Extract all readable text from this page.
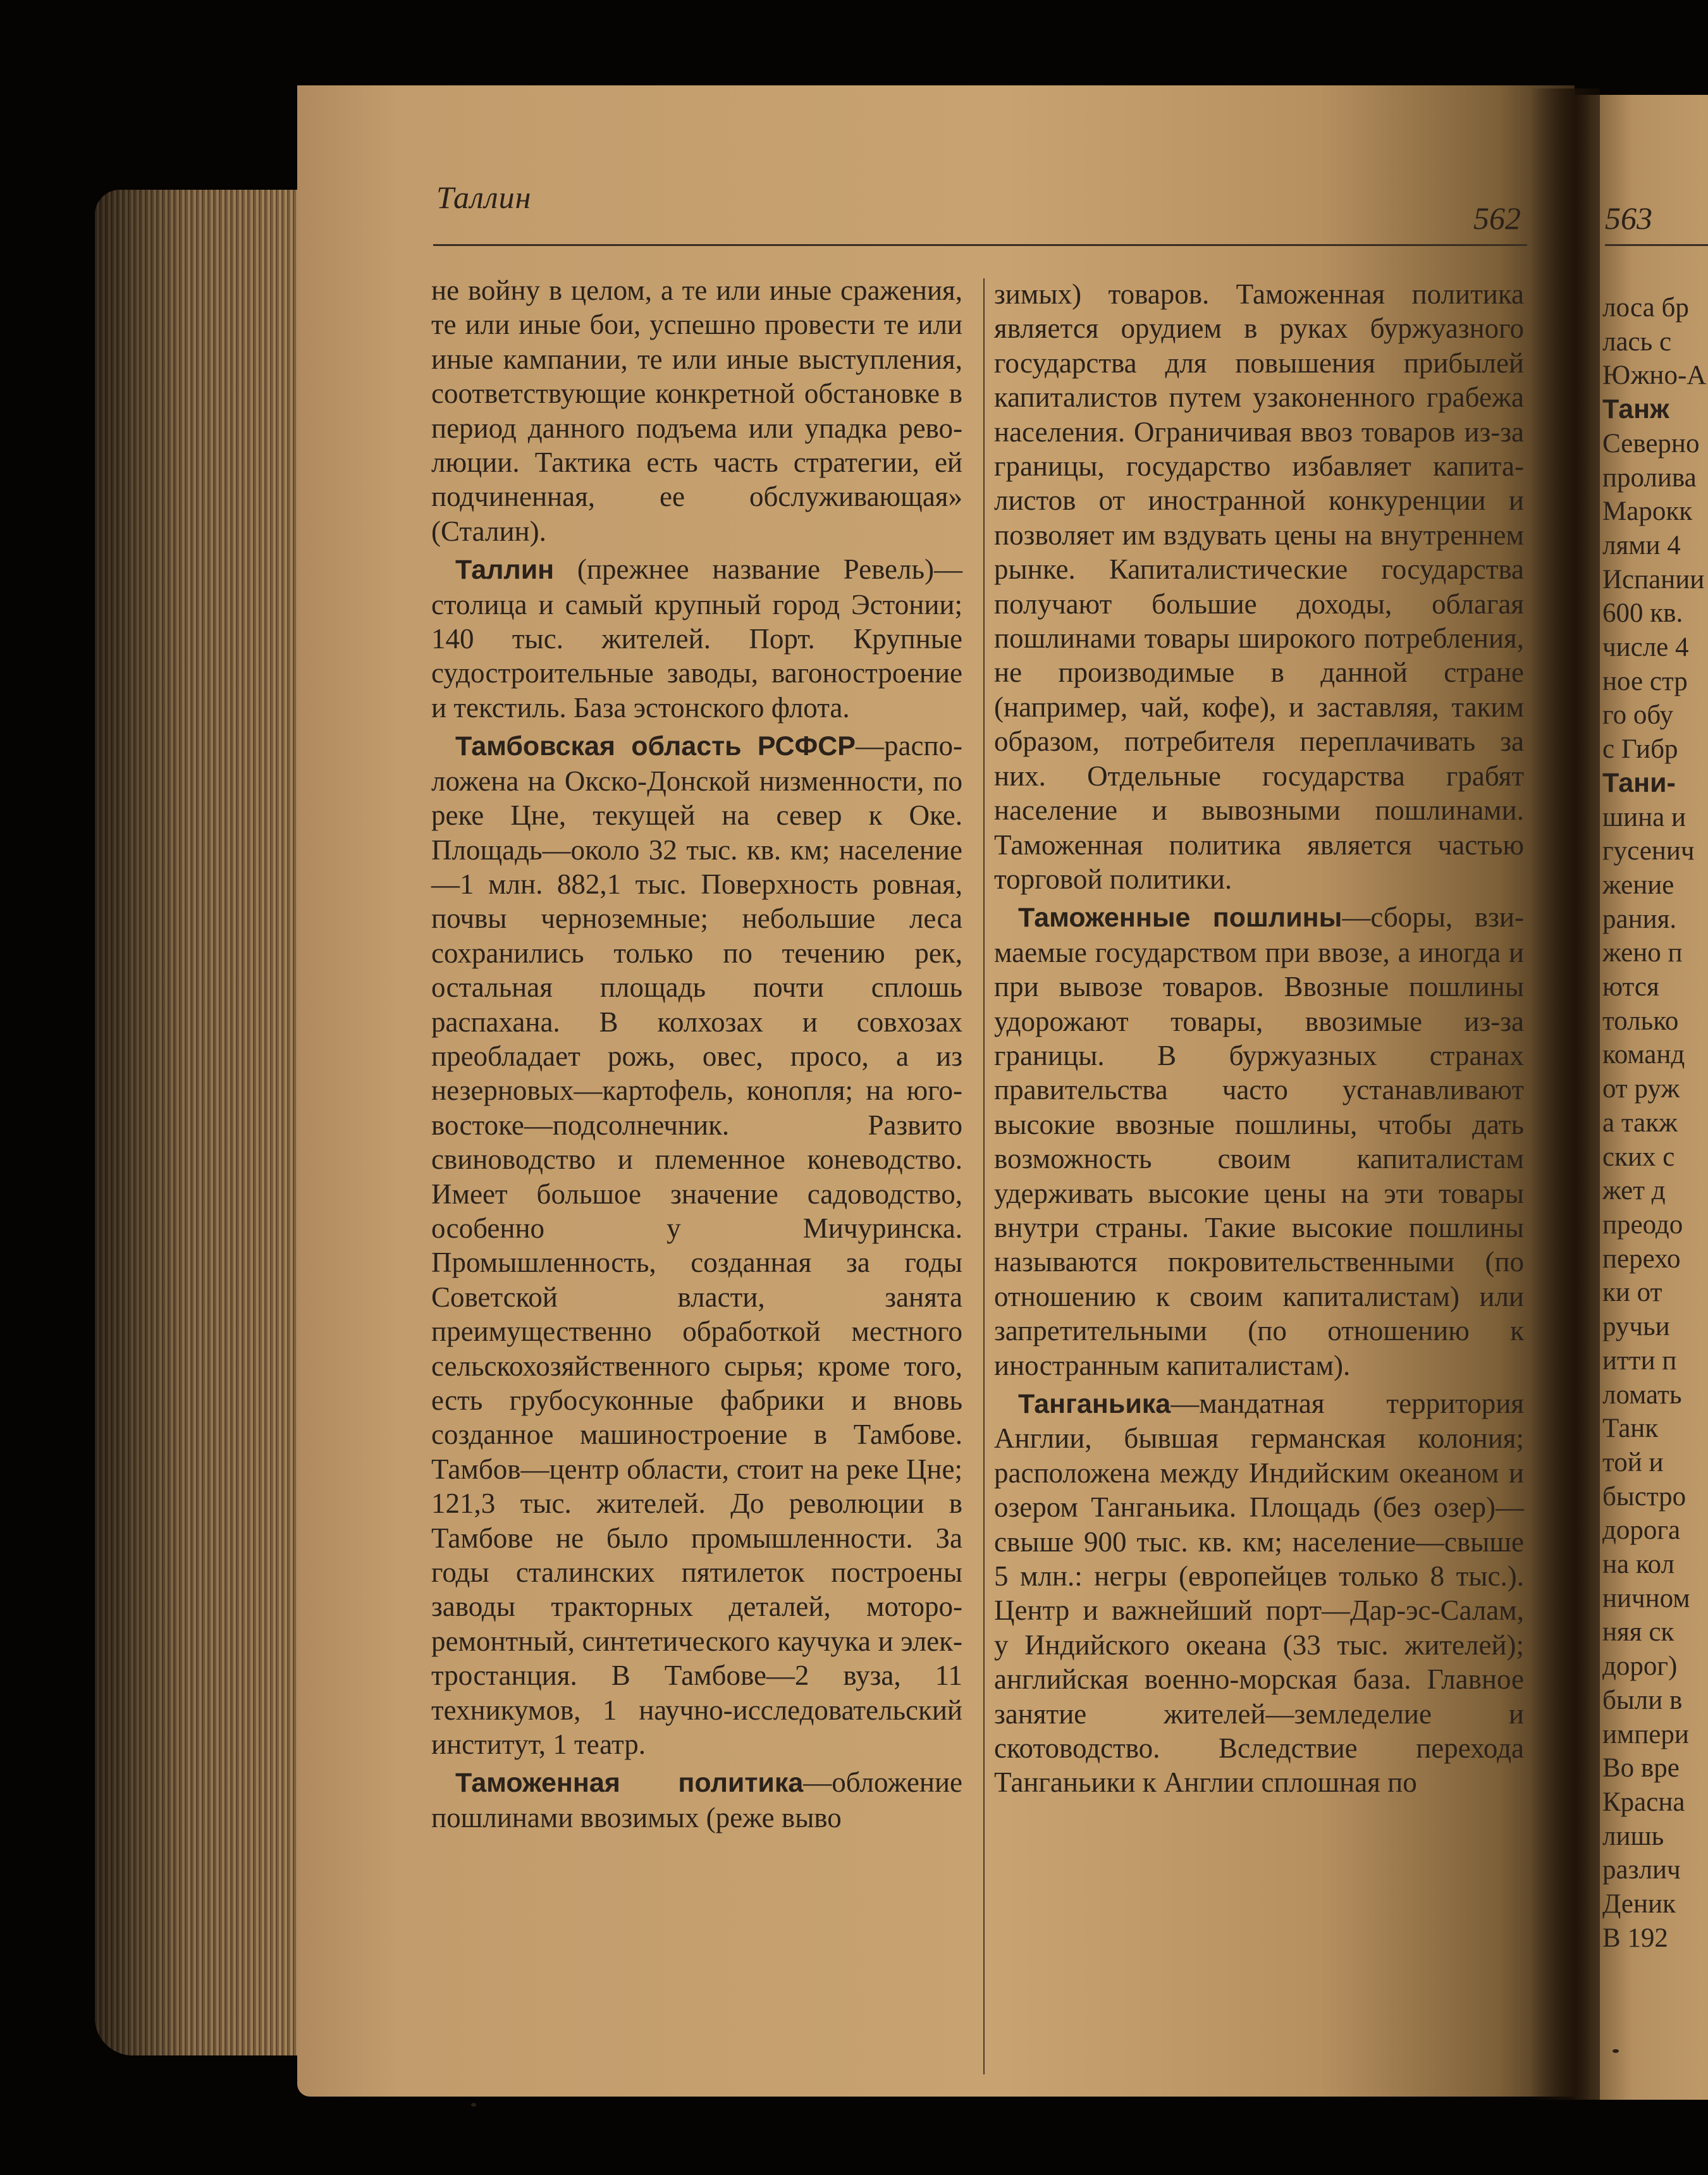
Таллин
562	563

не войну в целом, а те или иные сражения, те или иные бои, успешно провести те или иные кампании, те или иные выступления, соответствующие конкретной обстановке в период данного подъема или упадка революции. Тактика есть часть стратегии, ей подчиненная, ее обслуживающая» (Сталин).

Таллин (прежнее название Ревель)—столица и самый крупный город Эстонии; 140 тыс. жителей. Порт. Крупные судостроительные заводы, вагоностроение и текстиль. База эстонского флота.

Тамбовская область РСФСР—расположена на Окско-Донской низменности, по реке Цне, текущей на север к Оке. Площадь—около 32 тыс. кв. км; население—1 млн. 882,1 тыс. Поверхность ровная, почвы черноземные; небольшие леса сохранились только по течению рек, остальная площадь почти сплошь распахана. В колхозах и совхозах преобладает рожь, овес, просо, а из незерновых—картофель, конопля; на юго-востоке—подсолнечник. Развито свиноводство и племенное коневодство. Имеет большое значение садоводство, особенно у Мичуринска. Промышленность, созданная за годы Советской власти, занята преимущественно обработкой местного сельскохозяйственного сырья; кроме того, есть грубосуконные фабрики и вновь созданное машиностроение в Тамбове. Тамбов—центр области, стоит на реке Цне; 121,3 тыс. жителей. До революции в Тамбове не было промышленности. За годы сталинских пятилеток построены заводы тракторных деталей, мотороремонтный, синтетического каучука и электростанция. В Тамбове—2 вуза, 11 техникумов, 1 научно-исследовательский институт, 1 театр.

Таможенная политика—обложение пошлинами ввозимых (реже выво

зимых) товаров. Таможенная политика является орудием в руках буржуазного государства для повышения прибылей капиталистов путем узаконенного грабежа населения. Ограничивая ввоз товаров из-за границы, государство избавляет капиталистов от иностранной конкуренции и позволяет им вздувать цены на внутреннем рынке. Капиталистические государства получают большие доходы, облагая пошлинами товары широкого потребления, не производимые в данной стране (например, чай, кофе), и заставляя, таким образом, потребителя переплачивать за них. Отдельные государства грабят население и вывозными пошлинами. Таможенная политика является частью торговой политики.

Таможенные пошлины—сборы, взимаемые государством при ввозе, а иногда и при вывозе товаров. Ввозные пошлины удорожают товары, ввозимые из-за границы. В буржуазных странах правительства часто устанавливают высокие ввозные пошлины, чтобы дать возможность своим капиталистам удерживать высокие цены на эти товары внутри страны. Такие высокие пошлины называются покровительственными (по отношению к своим капиталистам) или запретительными (по отношению к иностранным капиталистам).

Танганьика—мандатная территория Англии, бывшая германская колония; расположена между Индийским океаном и озером Танганьика. Площадь (без озер)—свыше 900 тыс. кв. км; население—свыше 5 млн.: негры (европейцев только 8 тыс.). Центр и важнейший порт—Дар-эс-Салам, у Индийского океана (33 тыс. жителей); английская военно-морская база. Главное занятие жителей—земледелие и скотоводство. Вследствие перехода Танганьики к Англии сплошная по

лоса бр
лась с
Южно-А
Танж
Северно
пролива
Марокк
лями 4
Испании
600 кв.
числе 4
ное стр
го обу
с Гибр
Тани-
шина и
гусенич
жение
рания.
жено п
ются
только
команд
от руж
а такж
ских с
жет д
преодо
перехо
ки от
ручьи
итти п
ломать
Танк
той и
быстро
дорога
на кол
ничном
няя ск
дорог)
были в
импери
Во вре
Красна
лишь
различ
Деник
В 192
